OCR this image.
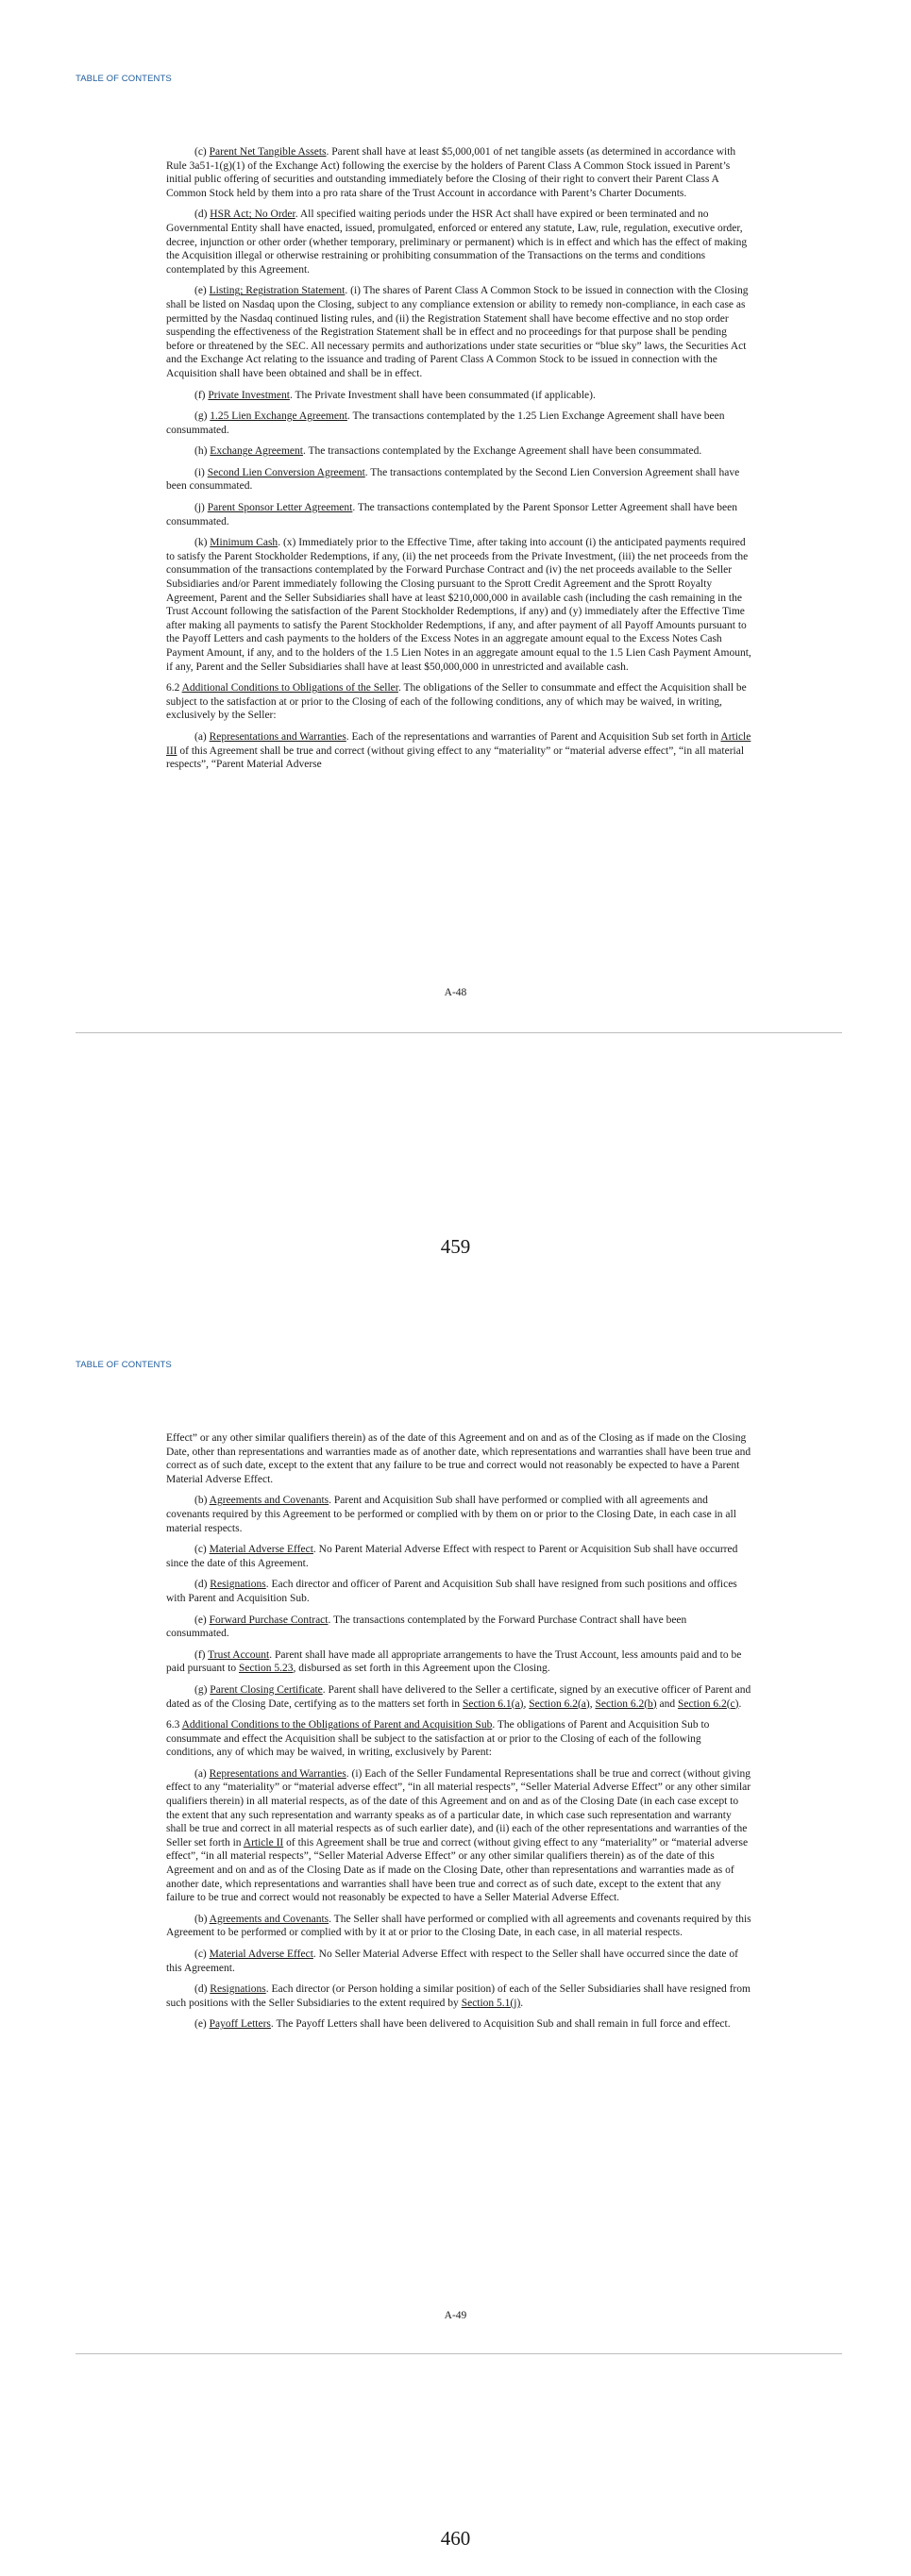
TABLE OF CONTENTS

(c) Parent Net Tangible Assets. Parent shall have at least $5,000,001 of net tangible assets (as determined in accordance with Rule 3a51-1(g)(1) of the Exchange Act) following the exercise by the holders of Parent Class A Common Stock issued in Parent’s initial public offering of securities and outstanding immediately before the Closing of their right to convert their Parent Class A Common Stock held by them into a pro rata share of the Trust Account in accordance with Parent’s Charter Documents.

(d) HSR Act; No Order. All specified waiting periods under the HSR Act shall have expired or been terminated and no Governmental Entity shall have enacted, issued, promulgated, enforced or entered any statute, Law, rule, regulation, executive order, decree, injunction or other order (whether temporary, preliminary or permanent) which is in effect and which has the effect of making the Acquisition illegal or otherwise restraining or prohibiting consummation of the Transactions on the terms and conditions contemplated by this Agreement.

(e) Listing; Registration Statement. (i) The shares of Parent Class A Common Stock to be issued in connection with the Closing shall be listed on Nasdaq upon the Closing, subject to any compliance extension or ability to remedy non-compliance, in each case as permitted by the Nasdaq continued listing rules, and (ii) the Registration Statement shall have become effective and no stop order suspending the effectiveness of the Registration Statement shall be in effect and no proceedings for that purpose shall be pending before or threatened by the SEC. All necessary permits and authorizations under state securities or “blue sky” laws, the Securities Act and the Exchange Act relating to the issuance and trading of Parent Class A Common Stock to be issued in connection with the Acquisition shall have been obtained and shall be in effect.

(f) Private Investment. The Private Investment shall have been consummated (if applicable).

(g) 1.25 Lien Exchange Agreement. The transactions contemplated by the 1.25 Lien Exchange Agreement shall have been consummated.

(h) Exchange Agreement. The transactions contemplated by the Exchange Agreement shall have been consummated.

(i) Second Lien Conversion Agreement. The transactions contemplated by the Second Lien Conversion Agreement shall have been consummated.

(j) Parent Sponsor Letter Agreement. The transactions contemplated by the Parent Sponsor Letter Agreement shall have been consummated.

(k) Minimum Cash. (x) Immediately prior to the Effective Time, after taking into account (i) the anticipated payments required to satisfy the Parent Stockholder Redemptions, if any, (ii) the net proceeds from the Private Investment, (iii) the net proceeds from the consummation of the transactions contemplated by the Forward Purchase Contract and (iv) the net proceeds available to the Seller Subsidiaries and/or Parent immediately following the Closing pursuant to the Sprott Credit Agreement and the Sprott Royalty Agreement, Parent and the Seller Subsidiaries shall have at least $210,000,000 in available cash (including the cash remaining in the Trust Account following the satisfaction of the Parent Stockholder Redemptions, if any) and (y) immediately after the Effective Time after making all payments to satisfy the Parent Stockholder Redemptions, if any, and after payment of all Payoff Amounts pursuant to the Payoff Letters and cash payments to the holders of the Excess Notes in an aggregate amount equal to the Excess Notes Cash Payment Amount, if any, and to the holders of the 1.5 Lien Notes in an aggregate amount equal to the 1.5 Lien Cash Payment Amount, if any, Parent and the Seller Subsidiaries shall have at least $50,000,000 in unrestricted and available cash.

6.2 Additional Conditions to Obligations of the Seller. The obligations of the Seller to consummate and effect the Acquisition shall be subject to the satisfaction at or prior to the Closing of each of the following conditions, any of which may be waived, in writing, exclusively by the Seller:

(a) Representations and Warranties. Each of the representations and warranties of Parent and Acquisition Sub set forth in Article III of this Agreement shall be true and correct (without giving effect to any “materiality” or “material adverse effect”, “in all material respects”, “Parent Material Adverse

A-48
459
TABLE OF CONTENTS

Effect” or any other similar qualifiers therein) as of the date of this Agreement and on and as of the Closing as if made on the Closing Date, other than representations and warranties made as of another date, which representations and warranties shall have been true and correct as of such date, except to the extent that any failure to be true and correct would not reasonably be expected to have a Parent Material Adverse Effect.

(b) Agreements and Covenants. Parent and Acquisition Sub shall have performed or complied with all agreements and covenants required by this Agreement to be performed or complied with by them on or prior to the Closing Date, in each case in all material respects.

(c) Material Adverse Effect. No Parent Material Adverse Effect with respect to Parent or Acquisition Sub shall have occurred since the date of this Agreement.

(d) Resignations. Each director and officer of Parent and Acquisition Sub shall have resigned from such positions and offices with Parent and Acquisition Sub.

(e) Forward Purchase Contract. The transactions contemplated by the Forward Purchase Contract shall have been consummated.

(f) Trust Account. Parent shall have made all appropriate arrangements to have the Trust Account, less amounts paid and to be paid pursuant to Section 5.23, disbursed as set forth in this Agreement upon the Closing.

(g) Parent Closing Certificate. Parent shall have delivered to the Seller a certificate, signed by an executive officer of Parent and dated as of the Closing Date, certifying as to the matters set forth in Section 6.1(a), Section 6.2(a), Section 6.2(b) and Section 6.2(c).

6.3 Additional Conditions to the Obligations of Parent and Acquisition Sub. The obligations of Parent and Acquisition Sub to consummate and effect the Acquisition shall be subject to the satisfaction at or prior to the Closing of each of the following conditions, any of which may be waived, in writing, exclusively by Parent:

(a) Representations and Warranties. (i) Each of the Seller Fundamental Representations shall be true and correct (without giving effect to any “materiality” or “material adverse effect”, “in all material respects”, “Seller Material Adverse Effect” or any other similar qualifiers therein) in all material respects, as of the date of this Agreement and on and as of the Closing Date (in each case except to the extent that any such representation and warranty speaks as of a particular date, in which case such representation and warranty shall be true and correct in all material respects as of such earlier date), and (ii) each of the other representations and warranties of the Seller set forth in Article II of this Agreement shall be true and correct (without giving effect to any “materiality” or “material adverse effect”, “in all material respects”, “Seller Material Adverse Effect” or any other similar qualifiers therein) as of the date of this Agreement and on and as of the Closing Date as if made on the Closing Date, other than representations and warranties made as of another date, which representations and warranties shall have been true and correct as of such date, except to the extent that any failure to be true and correct would not reasonably be expected to have a Seller Material Adverse Effect.

(b) Agreements and Covenants. The Seller shall have performed or complied with all agreements and covenants required by this Agreement to be performed or complied with by it at or prior to the Closing Date, in each case, in all material respects.

(c) Material Adverse Effect. No Seller Material Adverse Effect with respect to the Seller shall have occurred since the date of this Agreement.

(d) Resignations. Each director (or Person holding a similar position) of each of the Seller Subsidiaries shall have resigned from such positions with the Seller Subsidiaries to the extent required by Section 5.1(j).

(e) Payoff Letters. The Payoff Letters shall have been delivered to Acquisition Sub and shall remain in full force and effect.

A-49
460
